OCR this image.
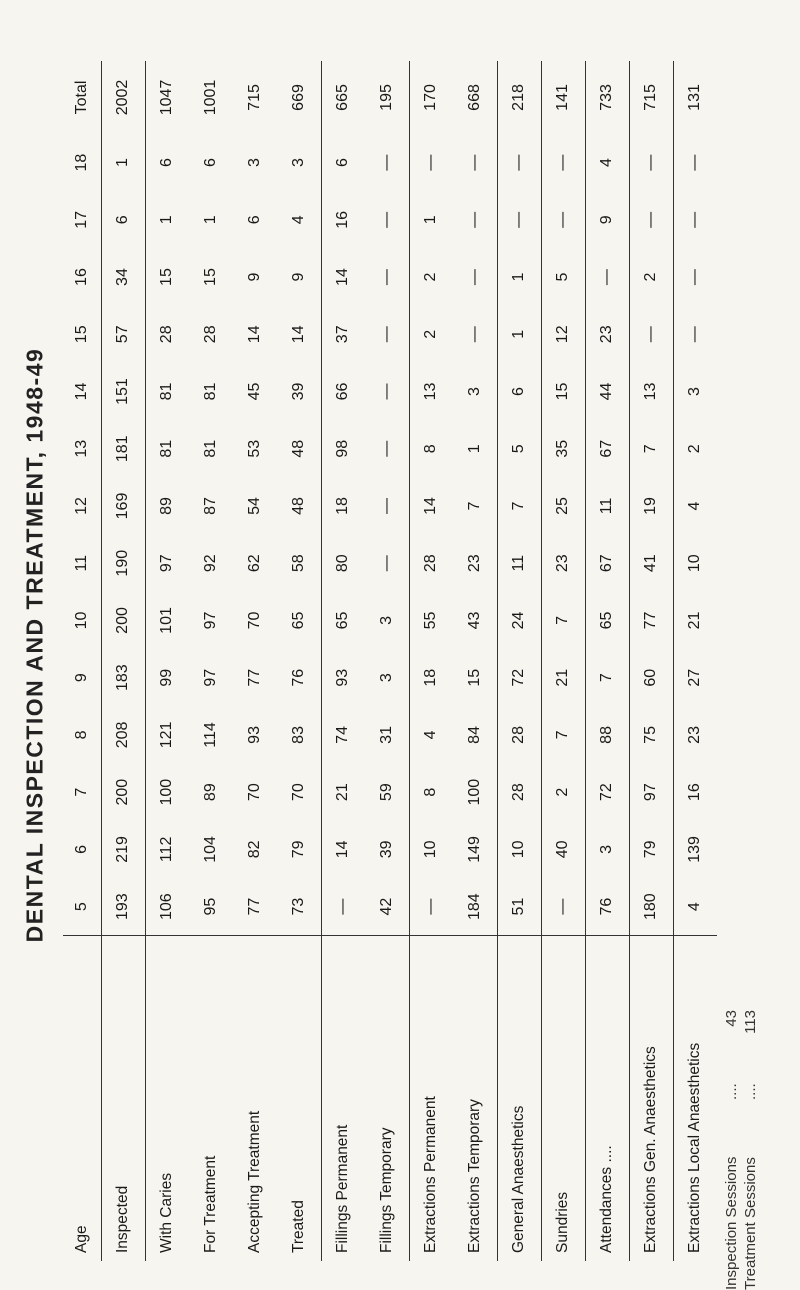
DENTAL INSPECTION AND TREATMENT, 1948-49
Age
5
6
7
8
9
10
11
12
13
14
15
16
17
18
Total
Inspected
193
219
200
208
183
200
190
169
181
151
57
34
6
1
2002
With Caries
106
112
100
121
99
101
97
89
81
81
28
15
1
6
1047
For Treatment
95
104
89
114
97
97
92
87
81
81
28
15
1
6
1001
Accepting Treatment
77
82
70
93
77
70
62
54
53
45
14
9
6
3
715
Treated
73
79
70
83
76
65
58
48
48
39
14
9
4
3
669
Fillings Permanent
—
14
21
74
93
65
80
18
98
66
37
14
16
6
665
Fillings Temporary
42
39
59
31
3
3
—
—
—
—
—
—
—
—
195
Extractions Permanent
—
10
8
4
18
55
28
14
8
13
2
2
1
—
170
Extractions Temporary
184
149
100
84
15
43
23
7
1
3
—
—
—
—
668
General Anaesthetics
51
10
28
28
72
24
11
7
5
6
1
1
—
—
218
Sundries
—
40
2
7
21
7
23
25
35
15
12
5
—
—
141
Attendances ....
76
3
72
88
7
65
67
11
67
44
23
—
9
4
733
Extractions Gen. Anaesthetics
180
79
97
75
60
77
41
19
7
13
—
2
—
—
715
Extractions Local Anaesthetics
4
139
16
23
27
21
10
4
2
3
—
—
—
—
131
Inspection Sessions
....
43
Treatment Sessions
....
113
